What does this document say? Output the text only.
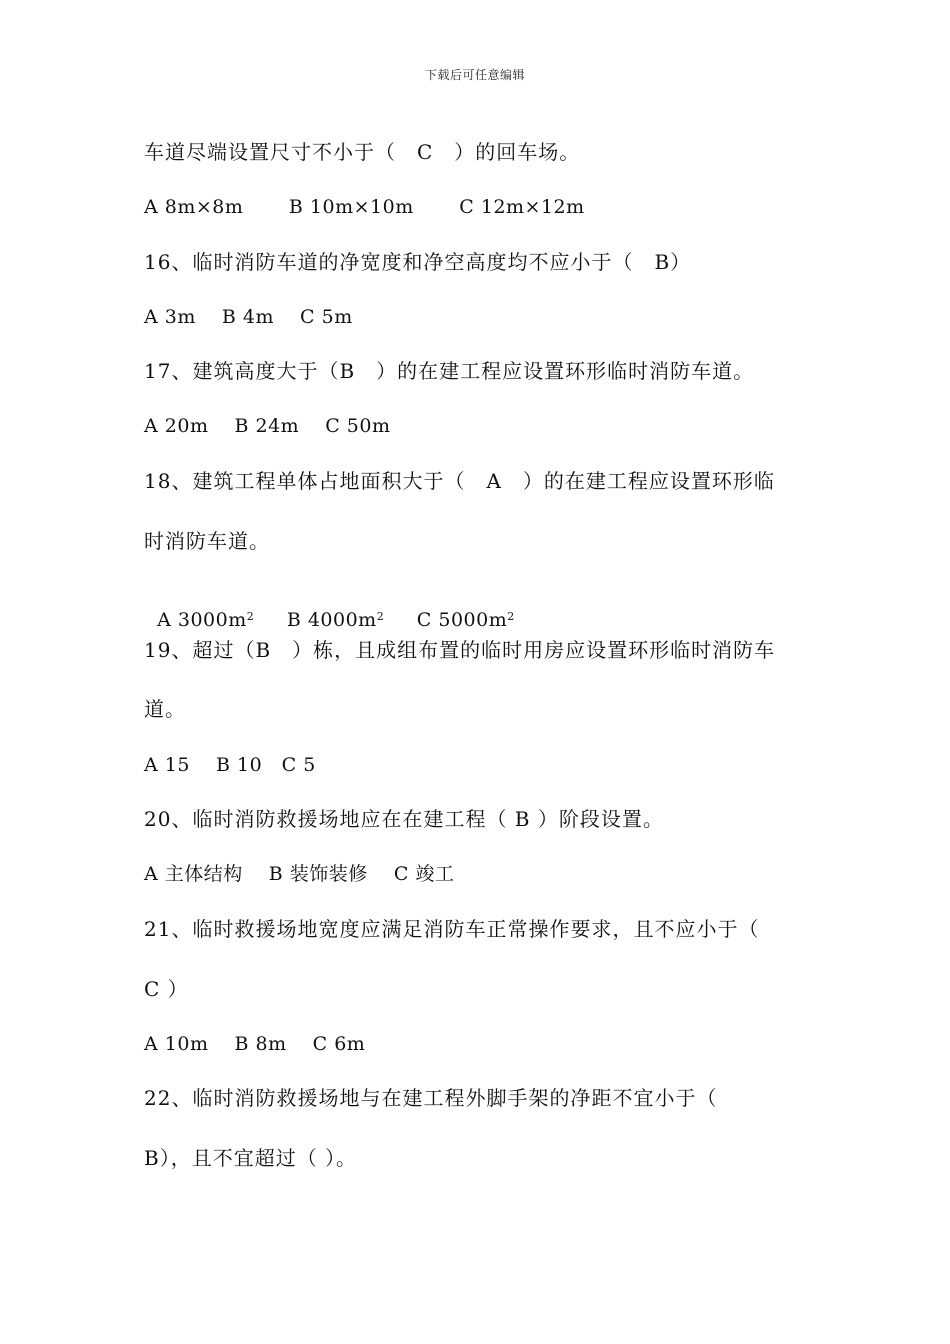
下载后可任意编辑
车道尽端设置尺寸不小于（　C　）的回车场。
A 8m×8m　　 B 10m×10m　　 C 12m×12m
16、临时消防车道的净宽度和净空高度均不应小于（　B）
A 3m　 B 4m　 C 5m
17、建筑高度大于（B　）的在建工程应设置环形临时消防车道。
A 20m　 B 24m　 C 50m
18、建筑工程单体占地面积大于（　A　）的在建工程应设置环形临
时消防车道。

A $3000m^2$　 B $4000m^2$　 C $5000m^2$

19、超过（B　）栋，且成组布置的临时用房应设置环形临时消防车
道。
A 15　 B 10　C 5
20、临时消防救援场地应在在建工程（ B ）阶段设置。
A 主体结构　 B 装饰装修　 C 竣工
21、临时救援场地宽度应满足消防车正常操作要求，且不应小于（
C ）
A 10m　 B 8m　 C 6m
22、临时消防救援场地与在建工程外脚手架的净距不宜小于（
B），且不宜超过（ ）。
